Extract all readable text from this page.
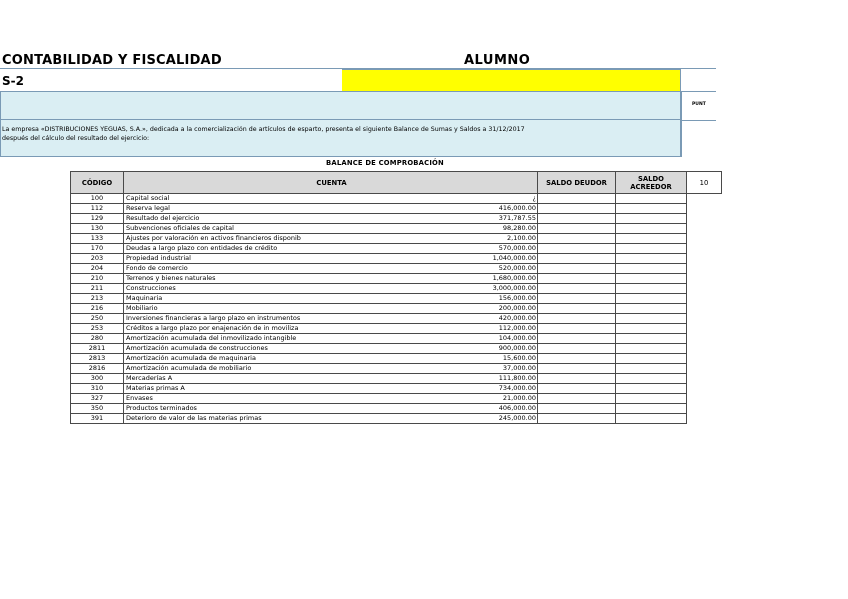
CONTABILIDAD Y FISCALIDAD	ALUMNO
S-2
PUNT
La empresa «DISTRIBUCIONES YEGUAS, S.A.», dedicada a la comercialización de artículos de esparto, presenta el siguiente Balance de Sumas y Saldos a 31/12/2017
después del cálculo del resultado del ejercicio:
BALANCE DE COMPROBACIÓN
CÓDIGO	CUENTA	SALDO DEUDOR	SALDO
ACREEDOR	10
100	Capital social ¿			

112	Reserva legal 416,000.00			

129	Resultado del ejercicio 371,787.55			

130	Subvenciones oficiales de capital 98,280.00			

133	Ajustes por valoración en activos financieros disponib 2,100.00			

170	Deudas a largo plazo con entidades de crédito 570,000.00			

203	Propiedad industrial 1,040,000.00			

204	Fondo de comercio 520,000.00			

210	Terrenos y bienes naturales 1,680,000.00			

211	Construcciones 3,000,000.00			

213	Maquinaria 156,000.00			

216	Mobiliario 200,000.00			

250	Inversiones financieras a largo plazo en instrumentos 420,000.00			

253	Créditos a largo plazo por enajenación de in moviliza 112,000.00			

280	Amortización acumulada del inmovilizado intangible 104,000.00			

2811	Amortización acumulada de construcciones 900,000.00			

2813	Amortización acumulada de maquinaria 15,600.00			

2816	Amortización acumulada de mobiliario 37,000.00			

300	Mercaderías A 111,800.00			

310	Materias primas A 734,000.00			

327	Envases 21,000.00			

350	Productos terminados 406,000.00			

391	Deterioro de valor de las materias primas 245,000.00			
